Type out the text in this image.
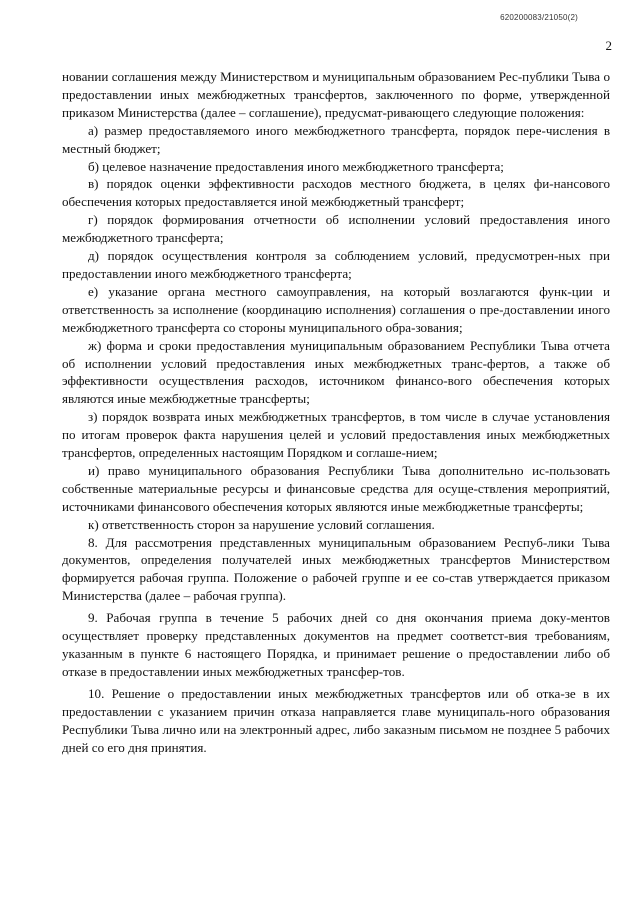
620200083/21050(2)
2

новании соглашения между Министерством и муниципальным образованием Рес-публики Тыва о предоставлении иных межбюджетных трансфертов, заключенного по форме, утвержденной приказом Министерства (далее – соглашение), предусмат-ривающего следующие положения:

а) размер предоставляемого иного межбюджетного трансферта, порядок пере-числения в местный бюджет;

б) целевое назначение предоставления иного межбюджетного трансферта;

в) порядок оценки эффективности расходов местного бюджета, в целях фи-нансового обеспечения которых предоставляется иной межбюджетный трансферт;

г) порядок формирования отчетности об исполнении условий предоставления иного межбюджетного трансферта;

д) порядок осуществления контроля за соблюдением условий, предусмотрен-ных при предоставлении иного межбюджетного трансферта;

е) указание органа местного самоуправления, на который возлагаются функ-ции и ответственность за исполнение (координацию исполнения) соглашения о пре-доставлении иного межбюджетного трансферта со стороны муниципального обра-зования;

ж) форма и сроки предоставления муниципальным образованием Республики Тыва отчета об исполнении условий предоставления иных межбюджетных транс-фертов, а также об эффективности осуществления расходов, источником финансо-вого обеспечения которых являются иные межбюджетные трансферты;

з) порядок возврата иных межбюджетных трансфертов, в том числе в случае установления по итогам проверок факта нарушения целей и условий предоставления иных межбюджетных трансфертов, определенных настоящим Порядком и соглаше-нием;

и) право муниципального образования Республики Тыва дополнительно ис-пользовать собственные материальные ресурсы и финансовые средства для осуще-ствления мероприятий, источниками финансового обеспечения которых являются иные межбюджетные трансферты;

к) ответственность сторон за нарушение условий соглашения.

8. Для рассмотрения представленных муниципальным образованием Респуб-лики Тыва документов, определения получателей иных межбюджетных трансфертов Министерством формируется рабочая группа. Положение о рабочей группе и ее со-став утверждается приказом Министерства (далее – рабочая группа).

9. Рабочая группа в течение 5 рабочих дней со дня окончания приема доку-ментов осуществляет проверку представленных документов на предмет соответст-вия требованиям, указанным в пункте 6 настоящего Порядка, и принимает решение о предоставлении либо об отказе в предоставлении иных межбюджетных трансфер-тов.

10. Решение о предоставлении иных межбюджетных трансфертов или об отка-зе в их предоставлении с указанием причин отказа направляется главе муниципаль-ного образования Республики Тыва лично или на электронный адрес, либо заказным письмом не позднее 5 рабочих дней со его дня принятия.
